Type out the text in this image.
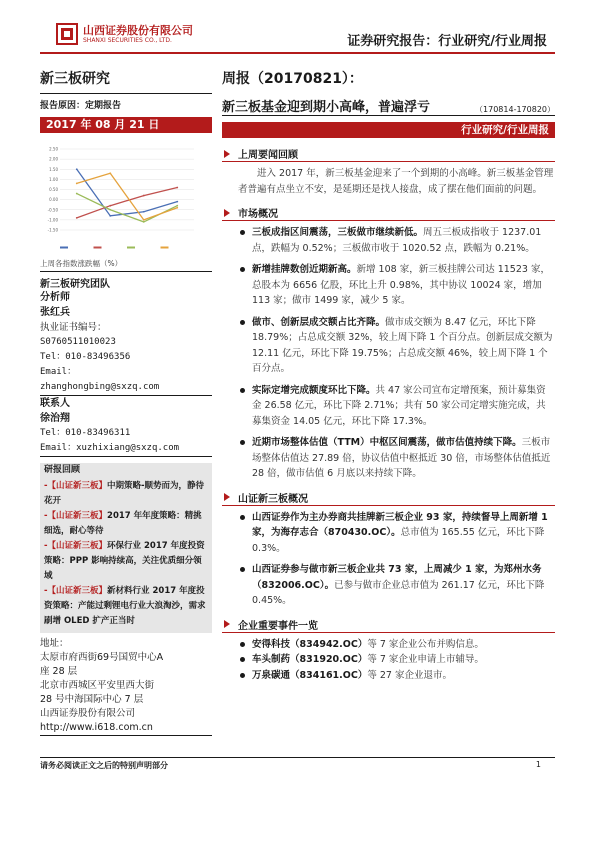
山西证券股份有限公司
SHANXI SECURITIES CO., LTD.	证券研究报告：行业研究/行业周报
新三板研究
报告原因：定期报告
2017 年 08 月 21 日
-1.50
-1.00
-0.50
0.00
0.50
1.00
1.50
2.00
2.50
上周各指数涨跌幅（%）
新三板研究团队
分析师
张红兵
执业证书编号：
S0760511010023
Tel：010-83496356
Email：
zhanghongbing@sxzq.com
联系人
徐治翔
Tel：010-83496311
Email：xuzhixiang@sxzq.com
研报回顾
-【山证新三板】中期策略-顺势而为，静待花开
-【山证新三板】2017 年年度策略：精挑细选，耐心等待
-【山证新三板】环保行业 2017 年度投资策略：PPP 影响持续高，关注优质细分领域
-【山证新三板】新材料行业 2017 年度投资策略：产能过剩锂电行业大浪淘沙，需求刷增 OLED 扩产正当时
地址：
太原市府西街69号国贸中心A
座 28 层
北京市西城区平安里西大街
28 号中海国际中心 7 层
山西证券股份有限公司
http://www.i618.com.cn
周报（20170821）：
新三板基金迎到期小高峰，普遍浮亏	（170814-170820）
行业研究/行业周报
上周要闻回顾

进入 2017 年，新三板基金迎来了一个到期的小高峰。新三板基金管理者普遍有点坐立不安，是延期还是找人接盘，成了摆在他们面前的问题。

市场概况
三板成指区间震荡，三板做市继续新低。周五三板成指收于 1237.01 点，跌幅为 0.52%；三板做市收于 1020.52 点，跌幅为 0.21%。
新增挂牌数创近期新高。新增 108 家，新三板挂牌公司达 11523 家，总股本为 6656 亿股，环比上升 0.98%，其中协议 10024 家，增加 113 家；做市 1499 家，减少 5 家。
做市、创新层成交额占比齐降。做市成交额为 8.47 亿元，环比下降 18.79%；占总成交额 32%，较上周下降 1 个百分点。创新层成交额为 12.11 亿元，环比下降 19.75%；占总成交额 46%，较上周下降 1 个百分点。
实际定增完成额度环比下降。共 47 家公司宣布定增预案，预计募集资金 26.58 亿元，环比下降 2.71%；共有 50 家公司定增实施完成，共募集资金 14.05 亿元，环比下降 17.3%。
近期市场整体估值（TTM）中枢区间震荡，做市估值持续下降。三板市场整体估值达 27.89 倍，协议估值中枢抵近 30 倍，市场整体估值抵近 28 倍，做市估值 6 月底以来持续下降。
山证新三板概况
山西证券作为主办券商共挂牌新三板企业 93 家，持续督导上周新增 1 家，为海存志合（870430.OC）。总市值为 165.55 亿元，环比下降 0.3%。
山西证券参与做市新三板企业共 73 家，上周减少 1 家，为郑州水务（832006.OC）。已参与做市企业总市值为 261.17 亿元，环比下降 0.45%。
企业重要事件一览
安得科技（834942.OC）等 7 家企业公布并购信息。
车头制药（831920.OC）等 7 家企业申请上市辅导。
万泉碳通（834161.OC）等 27 家企业退市。
请务必阅读正文之后的特别声明部分	1
